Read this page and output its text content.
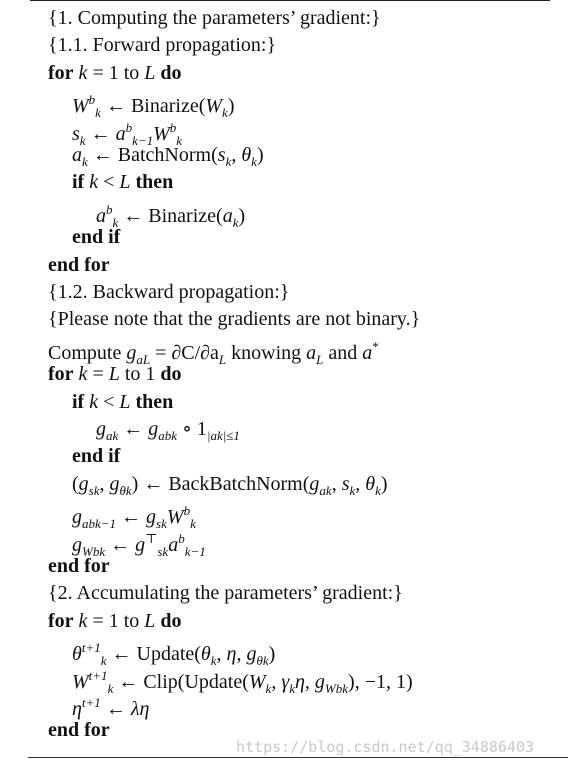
{1. Computing the parameters’ gradient:}
{1.1. Forward propagation:}
for k = 1 to L do
$W^b_k$ ← $Binarize(W_k)$
$s_k$ ← $a^b_{k-1}W^b_k$
$a_k$ ← $BatchNorm(s_k$, $\theta_k$)
if k < L then
$a^b_k$ ← $Binarize(a_k)$
end if
end for
{1.2. Backward propagation:}
{Please note that the gradients are not binary.}
Compute $g_{aL} = \partial C/\partial a_L$ knowing $a_L$ and a*
for k = L to 1 do
if k < L then
$g_{ak}$ ← $g_{abk}$ ∘ $1_{|ak|\le 1}$
end if
($g_{sk}$, $g_{\theta k}$) ← $BackBatchNorm(g_{ak}$, $s_k$, $\theta_k$)
$g_{abk-1}$ ← $g_{sk}W^b_k$
$g_{Wbk}$ ← $g^⊤_{sk}a^b_{k-1}$
end for
{2. Accumulating the parameters’ gradient:}
for k = 1 to L do
$\theta^{t+1}_k$ ← $Update(\theta_k$, η, $g_{\theta k}$)
$W^{t+1}_k$ ← $Clip(Update(W_k$, $\gamma_k\eta$, $g_{Wbk}$), −1, 1)
$\eta^{t+1}$ ← λη
end for
https://blog.csdn.net/qq_34886403
